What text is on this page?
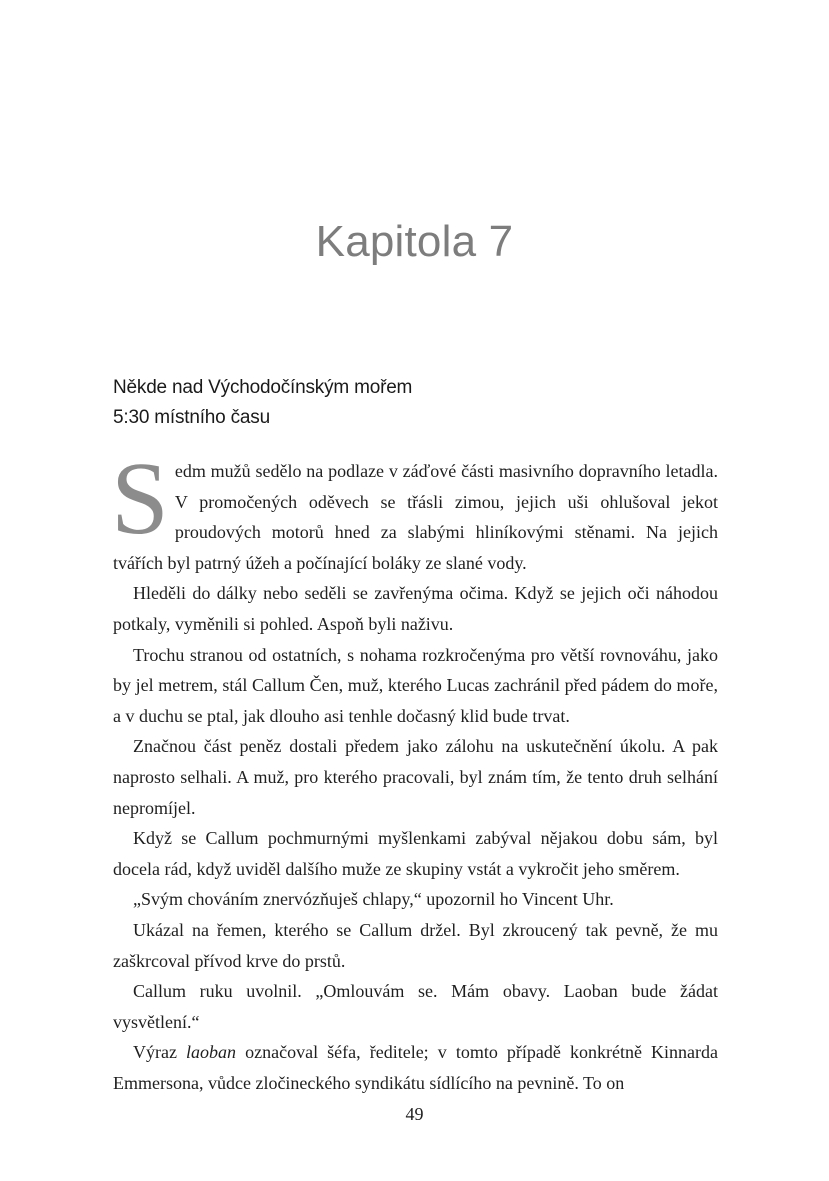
Kapitola 7
Někde nad Východočínským mořem
5:30 místního času

Sedm mužů sedělo na podlaze v záďové části masivního dopravního letadla. V promočených oděvech se třásli zimou, jejich uši ohlušoval jekot proudových motorů hned za slabými hliníkovými stěnami. Na jejich tvářích byl patrný úžeh a počínající boláky ze slané vody.

Hleděli do dálky nebo seděli se zavřenýma očima. Když se jejich oči náhodou potkaly, vyměnili si pohled. Aspoň byli naživu.

Trochu stranou od ostatních, s nohama rozkročenýma pro větší rovnováhu, jako by jel metrem, stál Callum Čen, muž, kterého Lucas zachránil před pádem do moře, a v duchu se ptal, jak dlouho asi tenhle dočasný klid bude trvat.

Značnou část peněz dostali předem jako zálohu na uskutečnění úkolu. A pak naprosto selhali. A muž, pro kterého pracovali, byl znám tím, že tento druh selhání nepromíjel.

Když se Callum pochmurnými myšlenkami zabýval nějakou dobu sám, byl docela rád, když uviděl dalšího muže ze skupiny vstát a vykročit jeho směrem.

„Svým chováním znervózňuješ chlapy,“ upozornil ho Vincent Uhr.

Ukázal na řemen, kterého se Callum držel. Byl zkroucený tak pevně, že mu zaškrcoval přívod krve do prstů.

Callum ruku uvolnil. „Omlouvám se. Mám obavy. Laoban bude žádat vysvětlení.“

Výraz laoban označoval šéfa, ředitele; v tomto případě konkrétně Kinnarda Emmersona, vůdce zločineckého syndikátu sídlícího na pevnině. To on

49
